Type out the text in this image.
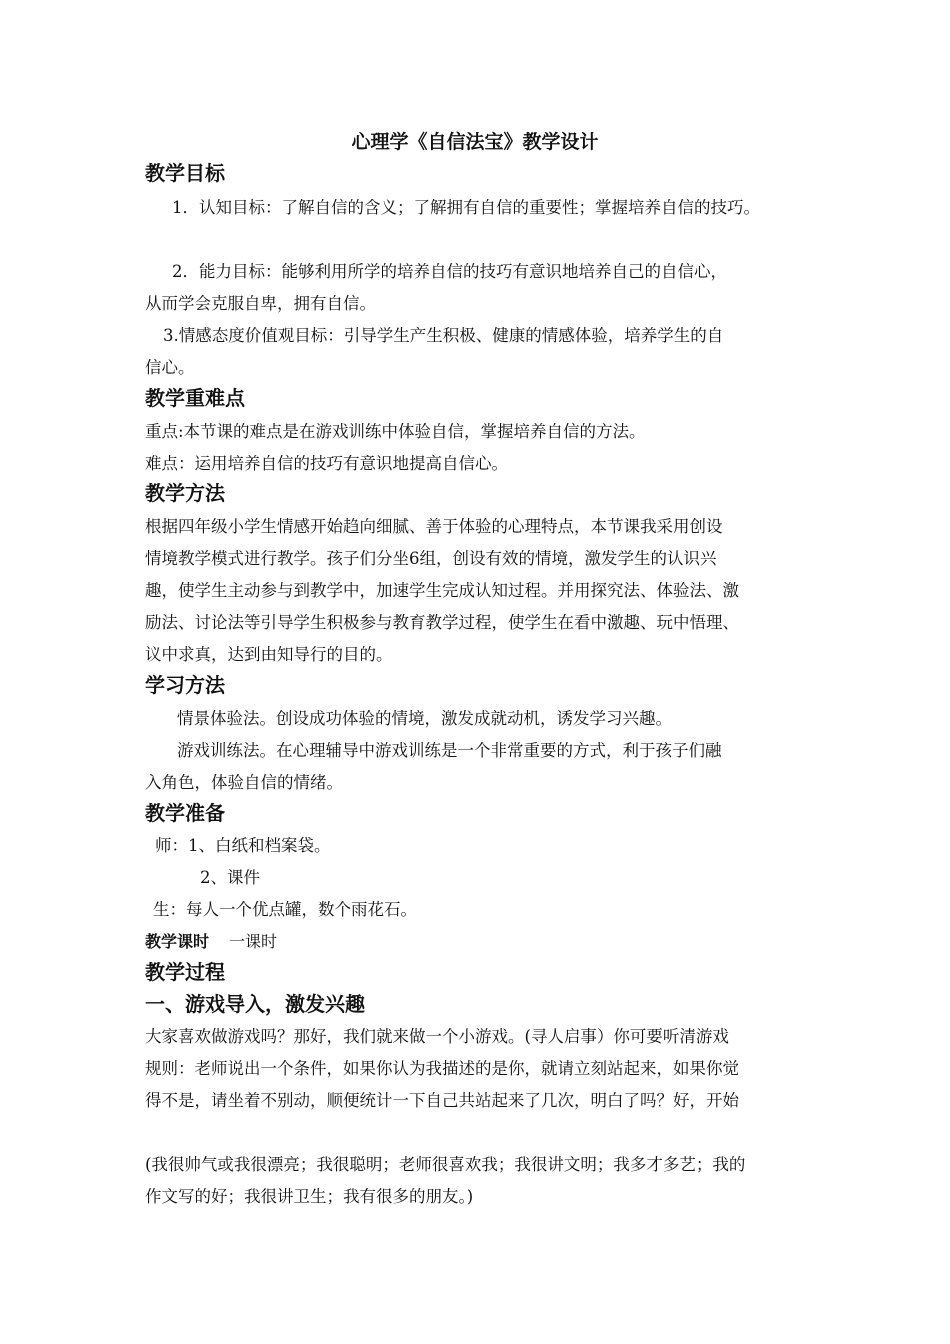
心理学《自信法宝》教学设计
教学目标
1．认知目标：了解自信的含义；了解拥有自信的重要性；掌握培养自信的技巧。
2．能力目标：能够利用所学的培养自信的技巧有意识地培养自己的自信心，
从而学会克服自卑，拥有自信。
3.情感态度价值观目标：引导学生产生积极、健康的情感体验，培养学生的自
信心。
教学重难点
重点:本节课的难点是在游戏训练中体验自信，掌握培养自信的方法。
难点：运用培养自信的技巧有意识地提高自信心。
教学方法
根据四年级小学生情感开始趋向细腻、善于体验的心理特点，本节课我采用创设
情境教学模式进行教学。孩子们分坐6组，创设有效的情境，激发学生的认识兴
趣，使学生主动参与到教学中，加速学生完成认知过程。并用探究法、体验法、激
励法、讨论法等引导学生积极参与教育教学过程，使学生在看中激趣、玩中悟理、
议中求真，达到由知导行的目的。
学习方法
情景体验法。创设成功体验的情境，激发成就动机，诱发学习兴趣。
游戏训练法。在心理辅导中游戏训练是一个非常重要的方式，利于孩子们融
入角色，体验自信的情绪。
教学准备
师：1、白纸和档案袋。
2、课件
生：每人一个优点罐，数个雨花石。
教学课时 一课时
教学过程
一、游戏导入，激发兴趣
大家喜欢做游戏吗？那好，我们就来做一个小游戏。(寻人启事）你可要听清游戏
规则：老师说出一个条件，如果你认为我描述的是你，就请立刻站起来，如果你觉
得不是，请坐着不别动，顺便统计一下自己共站起来了几次，明白了吗？好，开始
(我很帅气或我很漂亮；我很聪明；老师很喜欢我；我很讲文明；我多才多艺；我的
作文写的好；我很讲卫生；我有很多的朋友。)
